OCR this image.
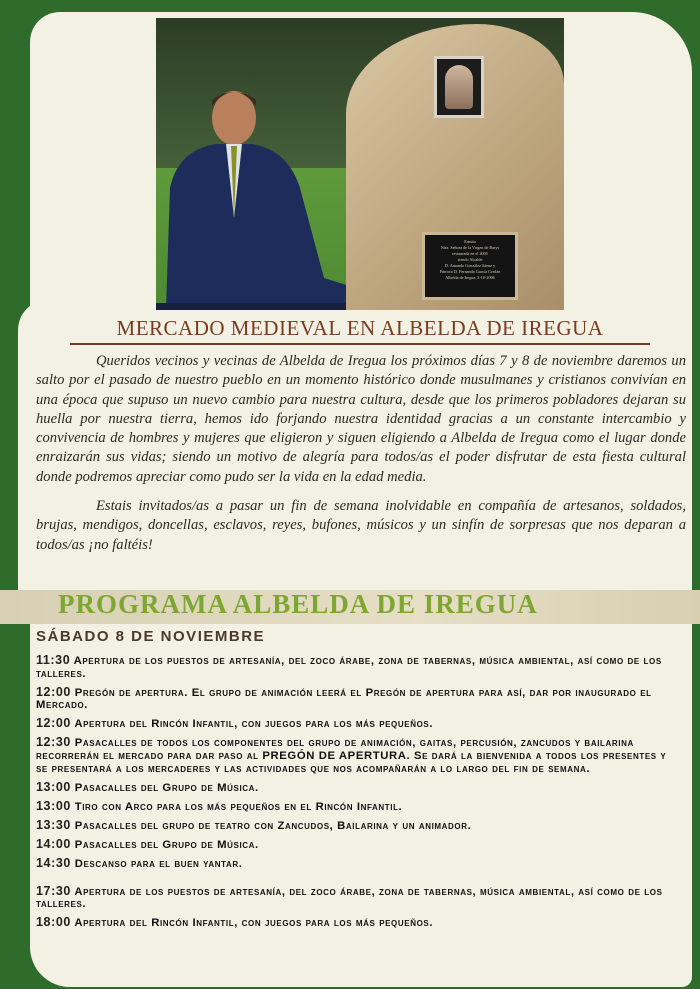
Ermita
Ntra. Señora de la Virgen de Barys
restaurada en el 2005
siendo Alcalde
D. Amando González Sáenz y
Párroco D. Fernando García Cerdán
Albelda de Iregua, 2-10-2006
MERCADO MEDIEVAL EN ALBELDA DE IREGUA

Queridos vecinos y vecinas de Albelda de Iregua los próximos días 7 y 8 de noviembre daremos un salto por el pasado de nuestro pueblo en un momento histórico donde musulmanes y cristianos convivían en una época que supuso un nuevo cambio para nuestra cultura, desde que los primeros pobladores dejaran su huella por nuestra tierra, hemos ido forjando nuestra identidad gracias a un constante intercambio y convivencia de hombres y mujeres que eligieron y siguen eligiendo a Albelda de Iregua como el lugar donde enraizarán sus vidas; siendo un motivo de alegría para todos/as el poder disfrutar de esta fiesta cultural donde podremos apreciar como pudo ser la vida en la edad media.

Estais invitados/as a pasar un fin de semana inolvidable en compañía de artesanos, soldados, brujas, mendigos, doncellas, esclavos, reyes, bufones, músicos y un sinfín de sorpresas que nos deparan a todos/as ¡no faltéis!

PROGRAMA ALBELDA DE IREGUA
SÁBADO 8 DE NOVIEMBRE
11:30 Apertura de los puestos de artesanía, del zoco árabe, zona de tabernas, música ambiental, así como de los talleres.
12:00 Pregón de apertura. El grupo de animación leerá el Pregón de apertura para así, dar por inaugurado el Mercado.
12:00 Apertura del Rincón Infantil, con juegos para los más pequeños.
12:30 Pasacalles de todos los componentes del grupo de animación, gaitas, percusión, zancudos y bailarina recorrerán el mercado para dar paso al PREGÓN DE APERTURA. Se dará la bienvenida a todos los presentes y se presentará a los mercaderes y las actividades que nos acompañarán a lo largo del fin de semana.
13:00 Pasacalles del Grupo de Música.
13:00 Tiro con Arco para los más pequeños en el Rincón Infantil.
13:30 Pasacalles del grupo de teatro con Zancudos, Bailarina y un animador.
14:00 Pasacalles del Grupo de Música.
14:30 Descanso para el buen yantar.
17:30 Apertura de los puestos de artesanía, del zoco árabe, zona de tabernas, música ambiental, así como de los talleres.
18:00 Apertura del Rincón Infantil, con juegos para los más pequeños.
